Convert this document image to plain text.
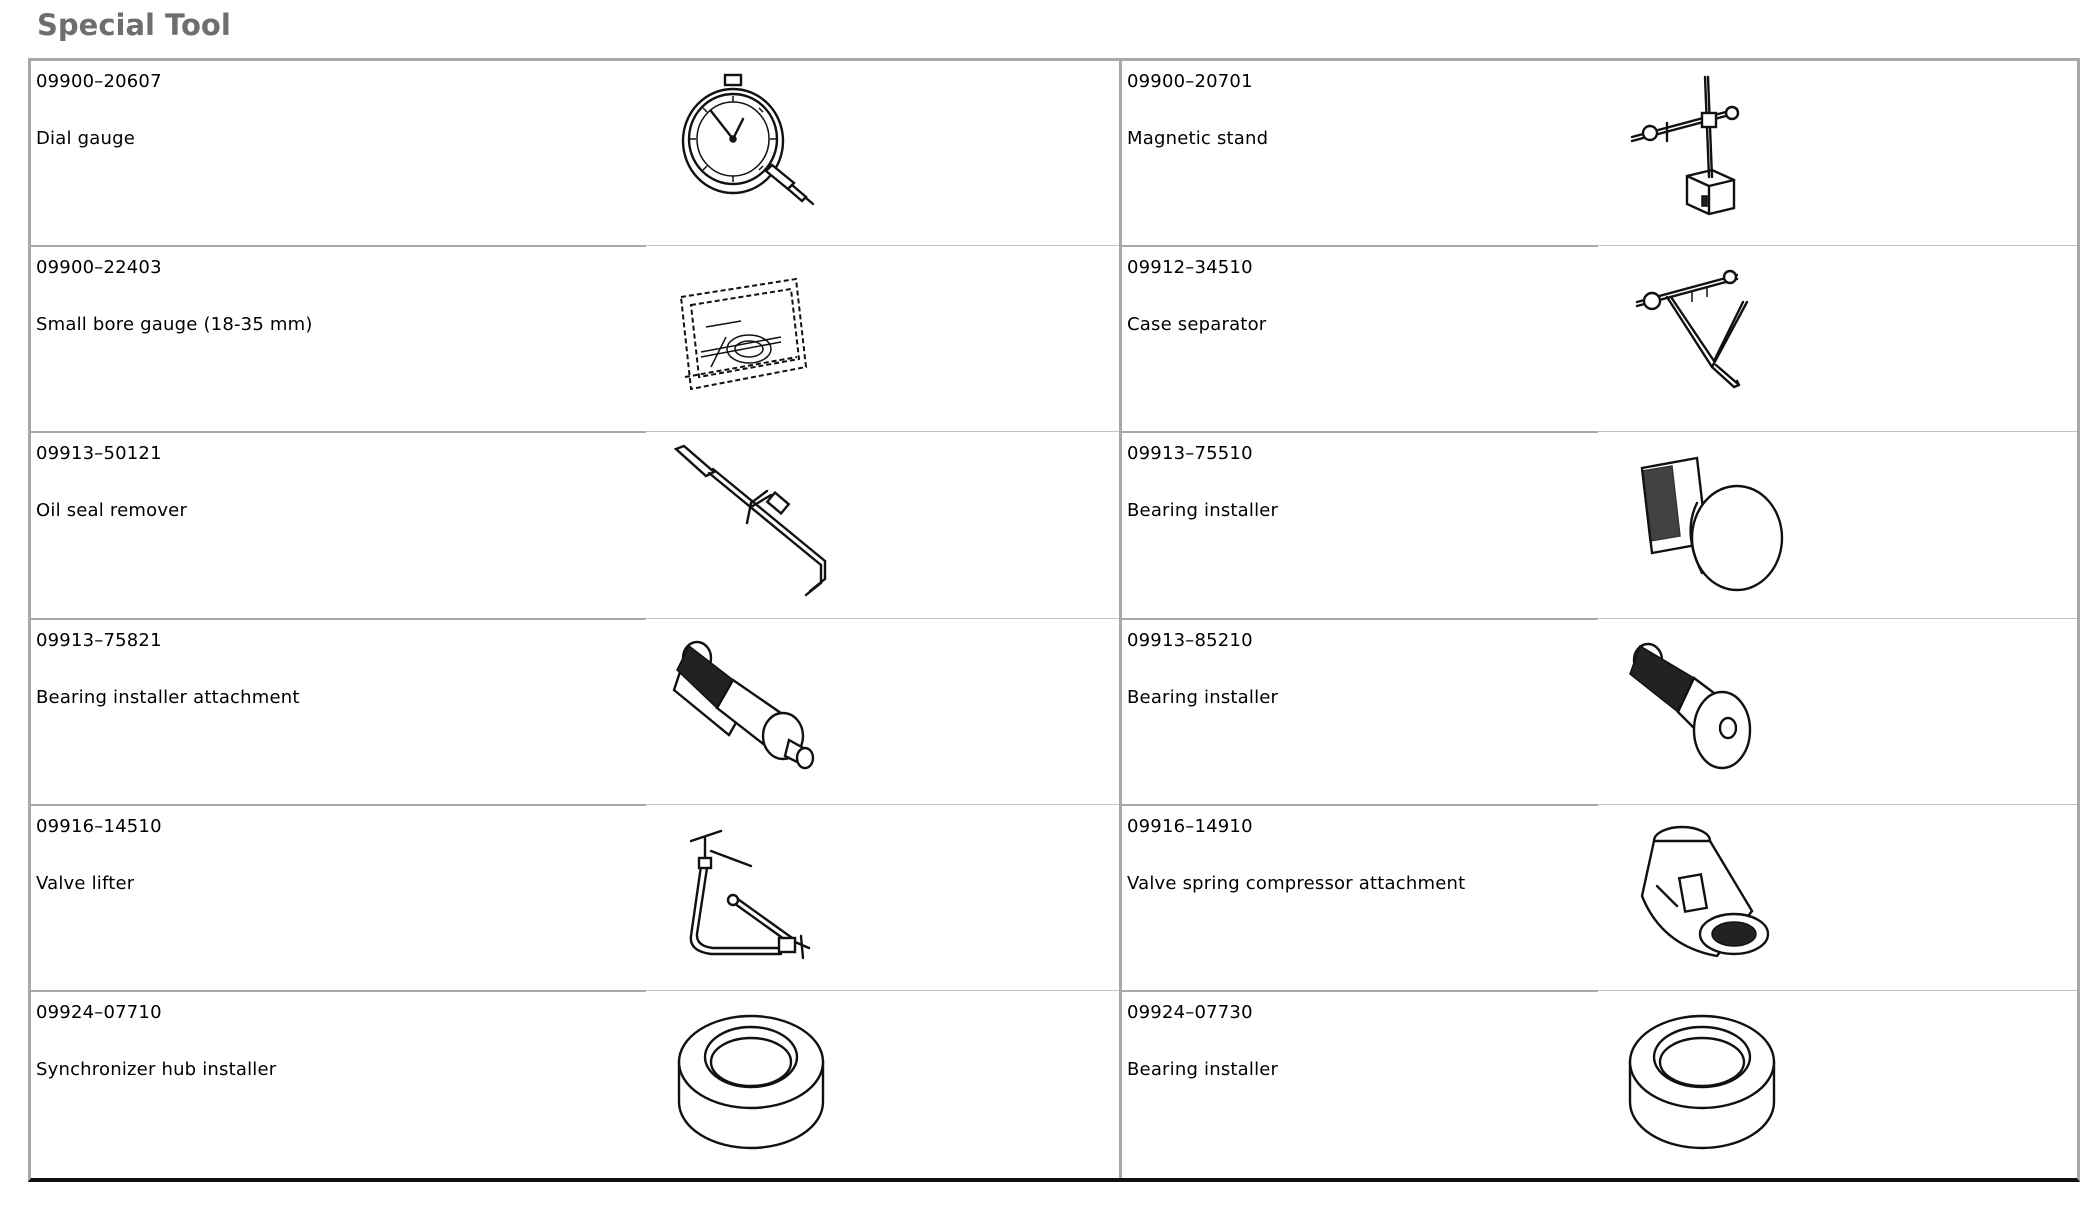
Special Tool
09900–20607
Dial gauge
09900–20701
Magnetic stand
09900–22403
Small bore gauge (18-35 mm)
09912–34510
Case separator
09913–50121
Oil seal remover
09913–75510
Bearing installer
09913–75821
Bearing installer attachment
09913–85210
Bearing installer
09916–14510
Valve lifter
09916–14910
Valve spring compressor attachment
09924–07710
Synchronizer hub installer
09924–07730
Bearing installer
